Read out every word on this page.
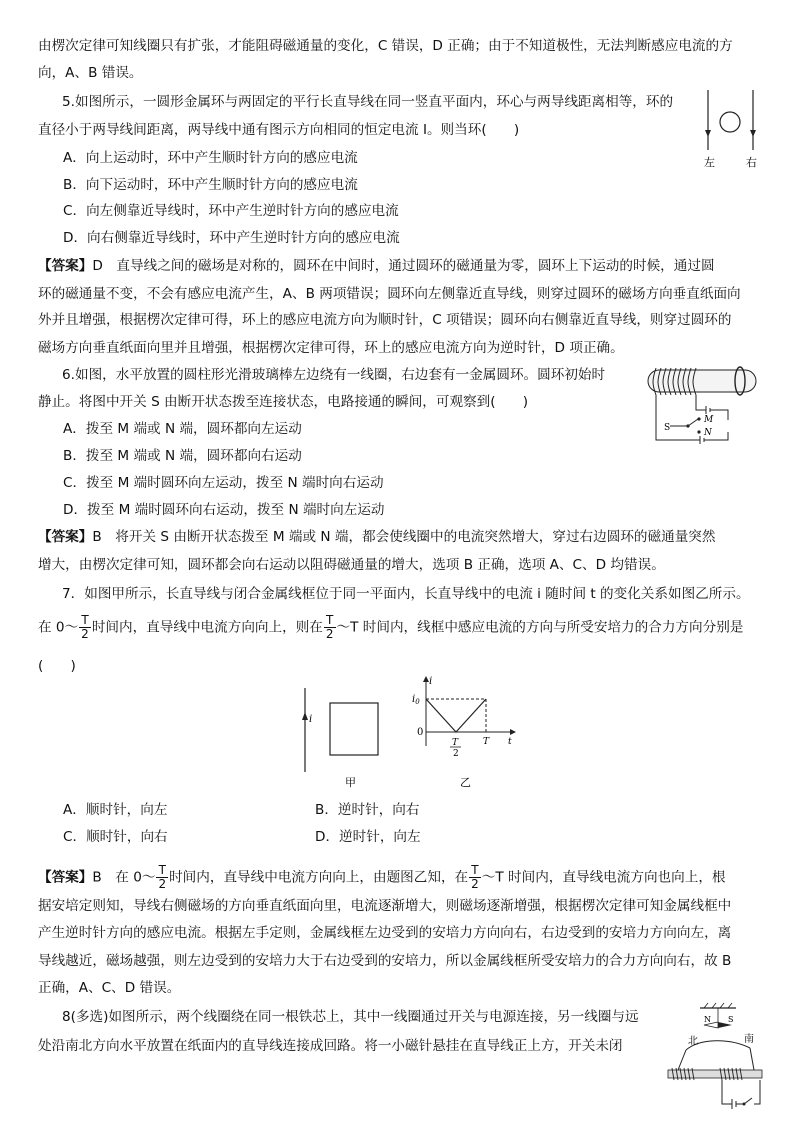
由楞次定律可知线圈只有扩张，才能阻碍磁通量的变化，C 错误，D 正确；由于不知道极性，无法判断感应电流的方
向，A、B 错误。
5.如图所示，一圆形金属环与两固定的平行长直导线在同一竖直平面内，环心与两导线距离相等，环的
直径小于两导线间距离，两导线中通有图示方向相同的恒定电流 I。则当环(　　)
A．向上运动时，环中产生顺时针方向的感应电流
B．向下运动时，环中产生顺时针方向的感应电流
C．向左侧靠近导线时，环中产生逆时针方向的感应电流
D．向右侧靠近导线时，环中产生逆时针方向的感应电流
左	右
【答案】D　直导线之间的磁场是对称的，圆环在中间时，通过圆环的磁通量为零，圆环上下运动的时候，通过圆
环的磁通量不变，不会有感应电流产生，A、B 两项错误；圆环向左侧靠近直导线，则穿过圆环的磁场方向垂直纸面向
外并且增强，根据楞次定律可得，环上的感应电流方向为顺时针，C 项错误；圆环向右侧靠近直导线，则穿过圆环的
磁场方向垂直纸面向里并且增强，根据楞次定律可得，环上的感应电流方向为逆时针，D 项正确。
6.如图，水平放置的圆柱形光滑玻璃棒左边绕有一线圈，右边套有一金属圆环。圆环初始时
静止。将图中开关 S 由断开状态拨至连接状态，电路接通的瞬间，可观察到(　　)
A．拨至 M 端或 N 端，圆环都向左运动
B．拨至 M 端或 N 端，圆环都向右运动
C．拨至 M 端时圆环向左运动，拨至 N 端时向右运动
D．拨至 M 端时圆环向右运动，拨至 N 端时向左运动
S
M
N
【答案】B　将开关 S 由断开状态拨至 M 端或 N 端，都会使线圈中的电流突然增大，穿过右边圆环的磁通量突然
增大，由楞次定律可知，圆环都会向右运动以阻碍磁通量的增大，选项 B 正确，选项 A、C、D 均错误。
7．如图甲所示，长直导线与闭合金属线框位于同一平面内，长直导线中的电流 i 随时间 t 的变化关系如图乙所示。
在 0～ $\frac{T}{2}$ 时间内，直导线中电流方向向上，则在 $\frac{T}{2}$ ～T 时间内，线框中感应电流的方向与所受安培力的合力方向分别是
(　　)
i
甲
i
$i_0$
0
T
2
T t
乙
A．顺时针，向左	B．逆时针，向右
C．顺时针，向右	D．逆时针，向左
【答案】B　在 0～ $\frac{T}{2}$ 时间内，直导线中电流方向向上，由题图乙知，在 $\frac{T}{2}$ ～T 时间内，直导线电流方向也向上，根
据安培定则知，导线右侧磁场的方向垂直纸面向里，电流逐渐增大，则磁场逐渐增强，根据楞次定律可知金属线框中
产生逆时针方向的感应电流。根据左手定则，金属线框左边受到的安培力方向向右，右边受到的安培力方向向左，离
导线越近，磁场越强，则左边受到的安培力大于右边受到的安培力，所以金属线框所受安培力的合力方向向右，故 B
正确，A、C、D 错误。
8(多选)如图所示，两个线圈绕在同一根铁芯上，其中一线圈通过开关与电源连接，另一线圈与远
处沿南北方向水平放置在纸面内的直导线连接成回路。将一小磁针悬挂在直导线正上方，开关未闭
N S
北	南
